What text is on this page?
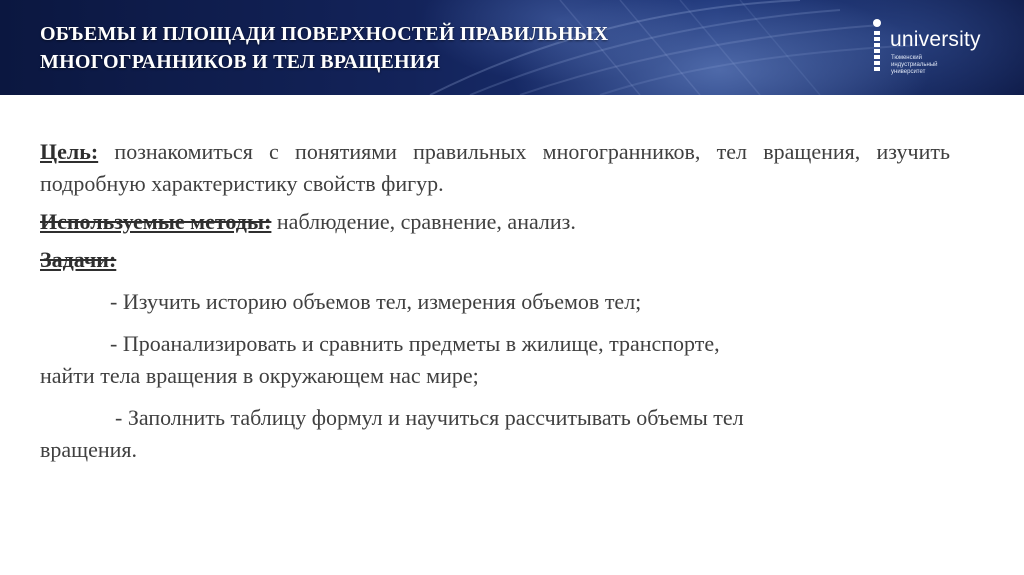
ОБЪЕМЫ И ПЛОЩАДИ ПОВЕРХНОСТЕЙ ПРАВИЛЬНЫХ
МНОГОГРАННИКОВ И ТЕЛ ВРАЩЕНИЯ
university
Тюменский
индустриальный
университет

Цель: познакомиться с понятиями правильных многогранников, тел вращения, изучить подробную характеристику свойств фигур.

Используемые методы: наблюдение, сравнение, анализ.

Задачи:

- Изучить историю объемов тел, измерения объемов тел;

- Проанализировать и сравнить предметы в жилище, транспорте,
найти тела вращения в окружающем нас мире;

- Заполнить таблицу формул и научиться рассчитывать объемы тел
вращения.
